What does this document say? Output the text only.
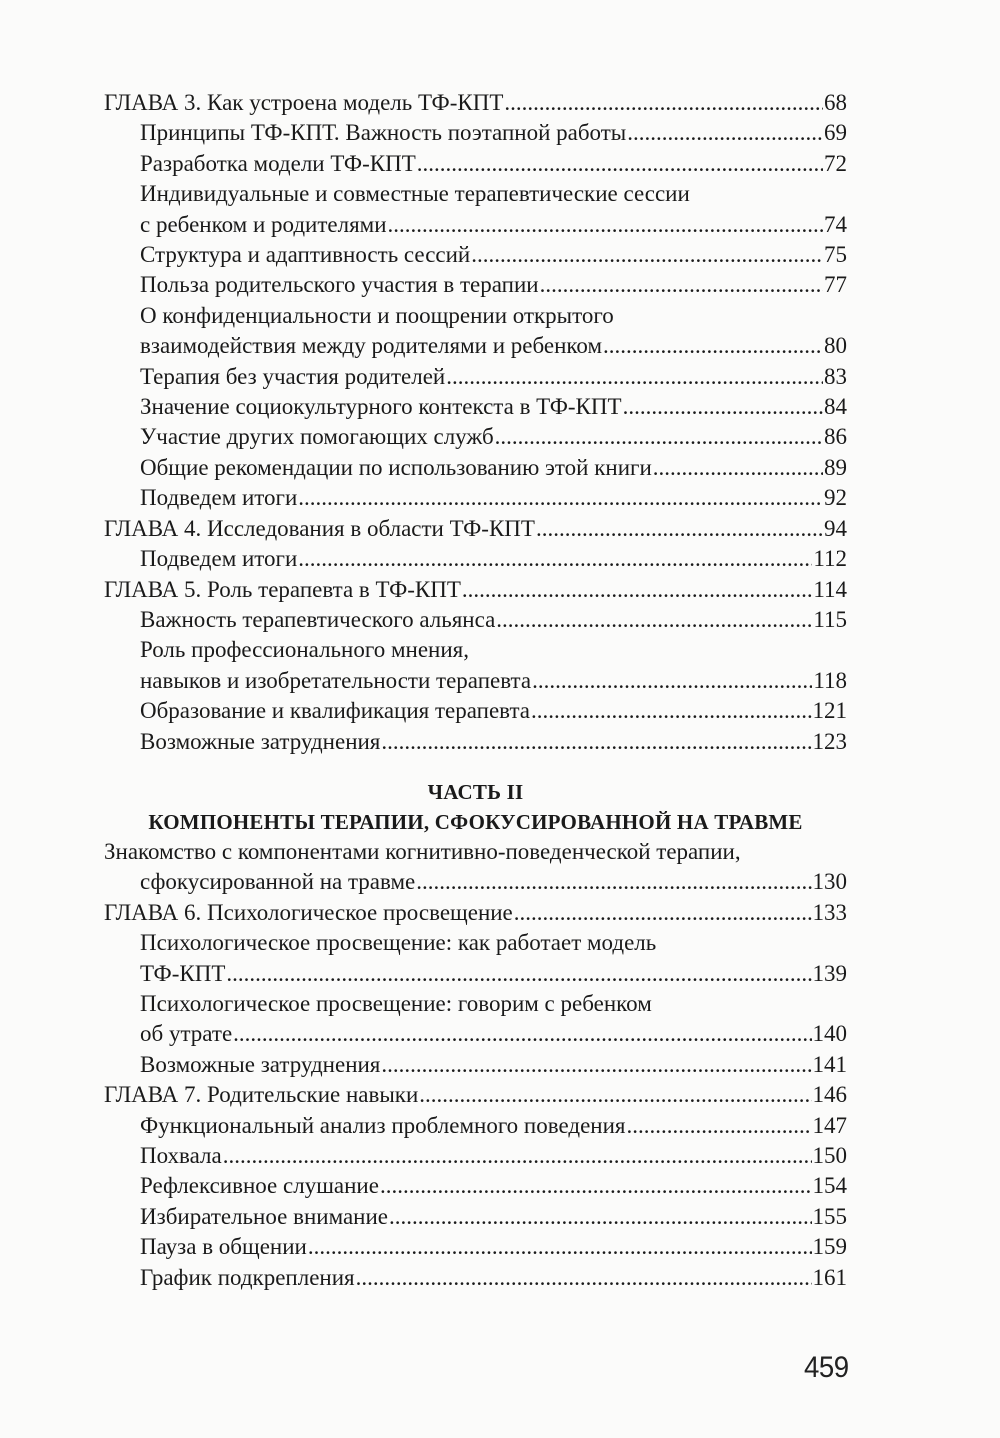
ГЛАВА 3. Как устроена модель ТФ-КПТ .....	68
Принципы ТФ-КПТ. Важность поэтапной работы .....	69
Разработка модели ТФ-КПТ .....	72
Индивидуальные и совместные терапевтические сессии
с ребенком и родителями .....	74
Структура и адаптивность сессий .....	75
Польза родительского участия в терапии .....	77
О конфиденциальности и поощрении открытого
взаимодействия между родителями и ребенком .....	80
Терапия без участия родителей .....	83
Значение социокультурного контекста в ТФ-КПТ .....	84
Участие других помогающих служб .....	86
Общие рекомендации по использованию этой книги .....	89
Подведем итоги .....	92
ГЛАВА 4. Исследования в области ТФ-КПТ .....	94
Подведем итоги .....	112
ГЛАВА 5. Роль терапевта в ТФ-КПТ .....	114
Важность терапевтического альянса .....	115
Роль профессионального мнения,
навыков и изобретательности терапевта .....	118
Образование и квалификация терапевта .....	121
Возможные затруднения .....	123
ЧАСТЬ II
КОМПОНЕНТЫ ТЕРАПИИ, СФОКУСИРОВАННОЙ НА ТРАВМЕ
Знакомство с компонентами когнитивно-поведенческой терапии,
сфокусированной на травме .....	130
ГЛАВА 6. Психологическое просвещение .....	133
Психологическое просвещение: как работает модель
ТФ-КПТ .....	139
Психологическое просвещение: говорим с ребенком
об утрате .....	140
Возможные затруднения .....	141
ГЛАВА 7. Родительские навыки .....	146
Функциональный анализ проблемного поведения .....	147
Похвала .....	150
Рефлексивное слушание .....	154
Избирательное внимание .....	155
Пауза в общении .....	159
График подкрепления .....	161
459
